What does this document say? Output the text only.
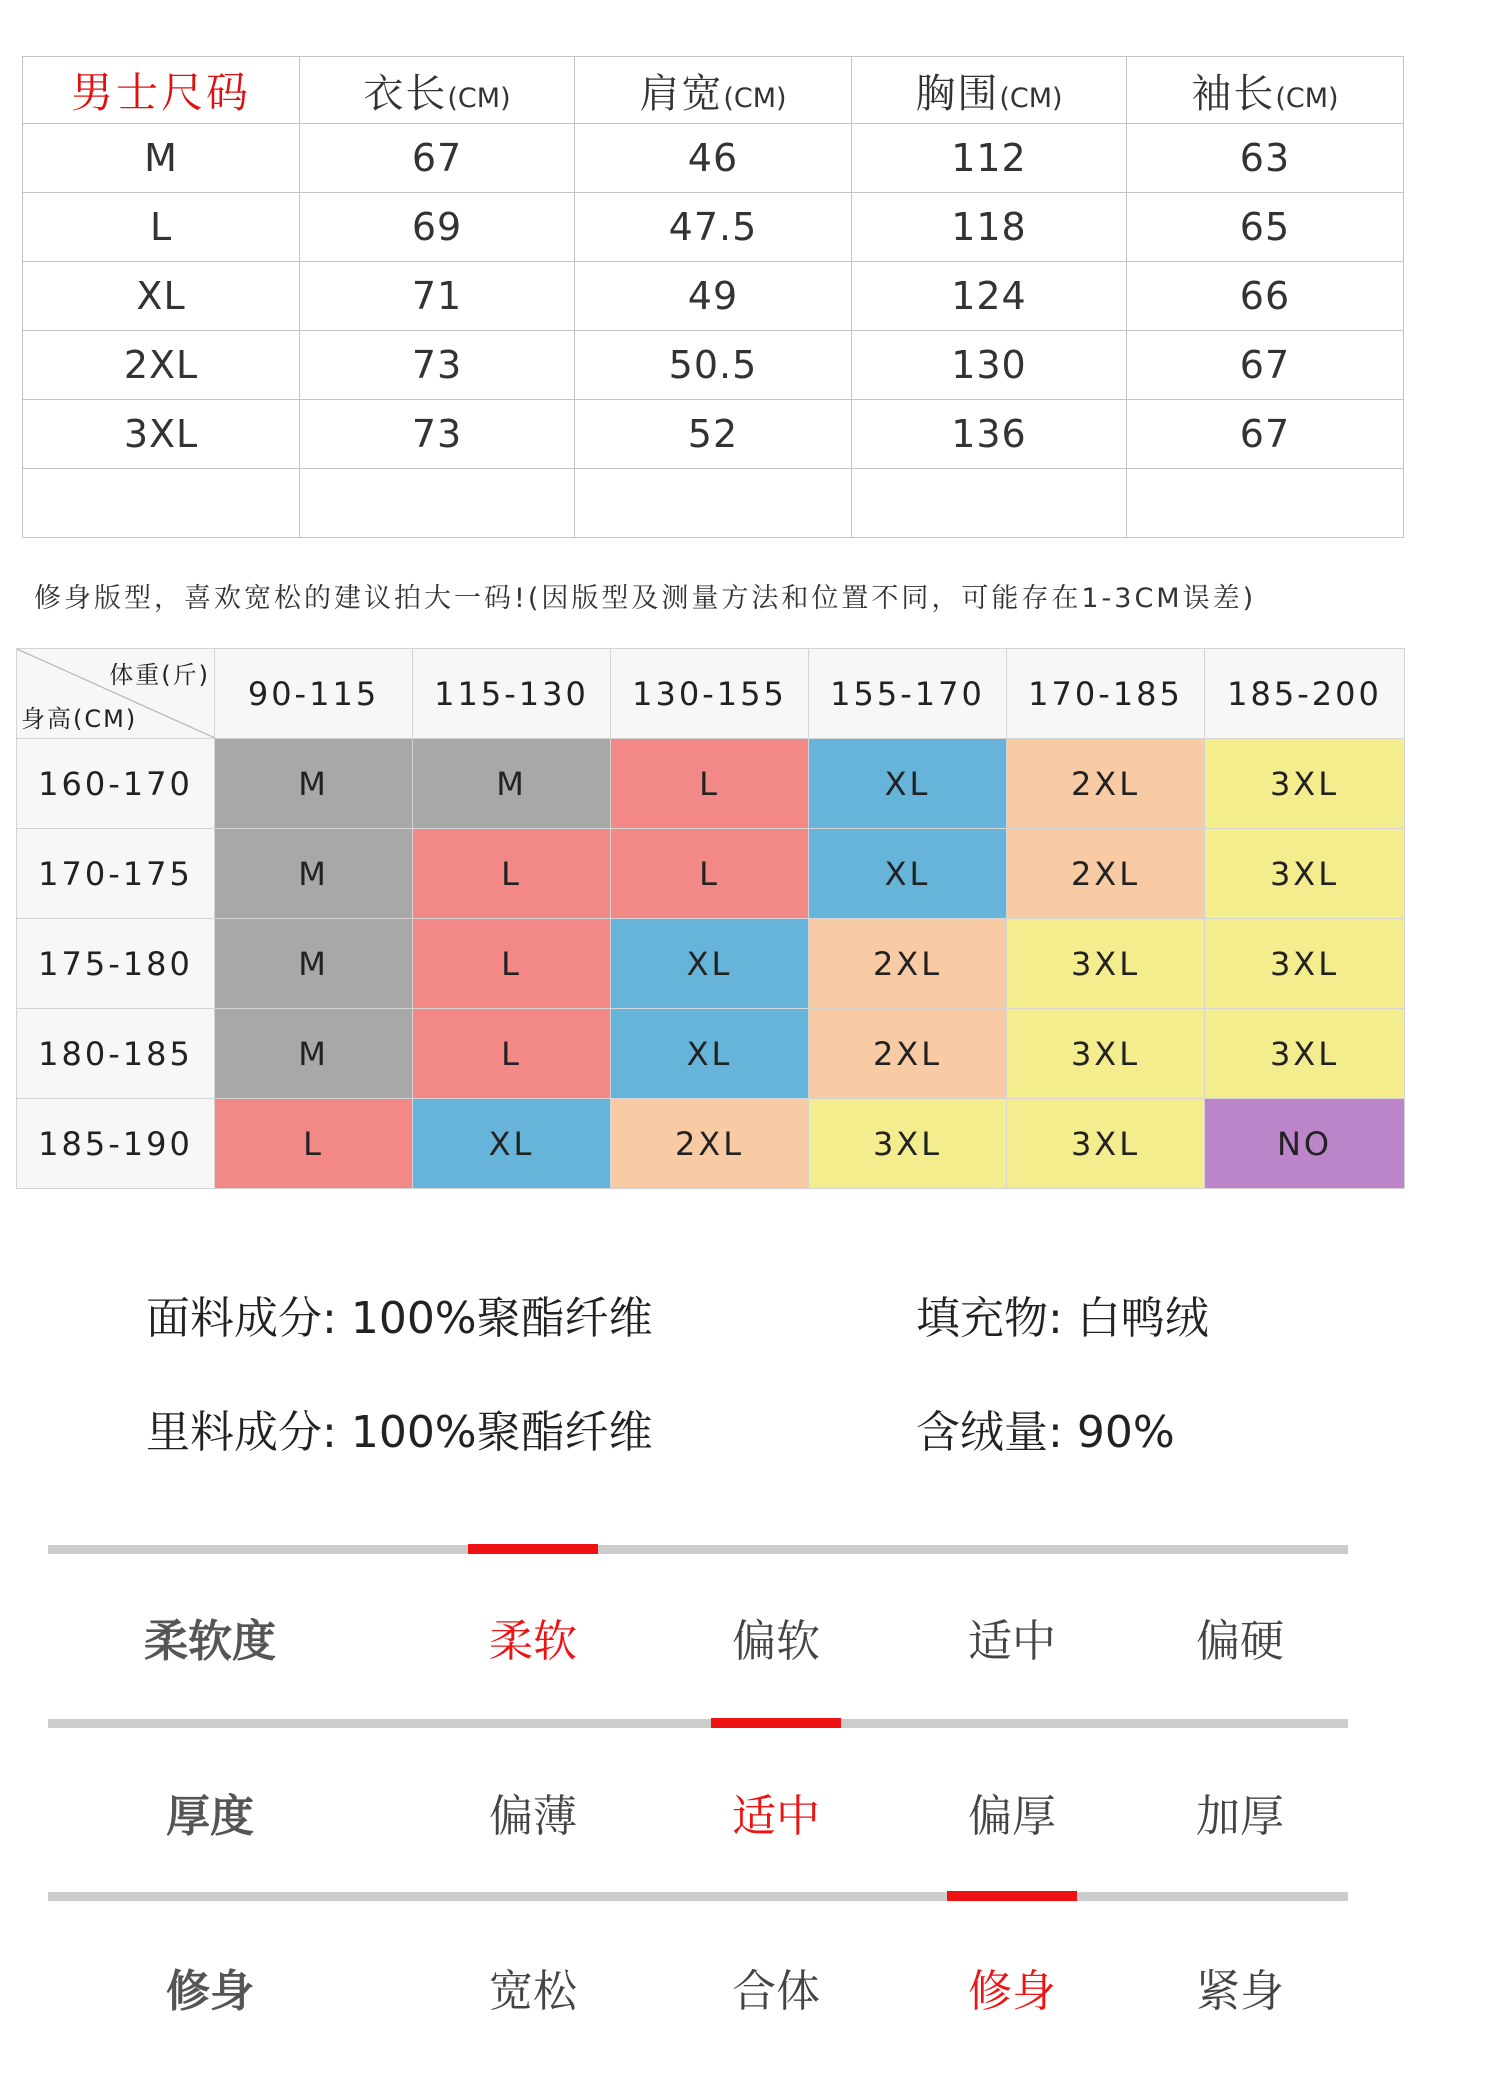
男士尺码	衣长(CM)	肩宽(CM)	胸围(CM)	袖长(CM)
M	67	46	112	63
L	69	47.5	118	65
XL	71	49	124	66
2XL	73	50.5	130	67
3XL	73	52	136	67

修身版型，喜欢宽松的建议拍大一码!(因版型及测量方法和位置不同，可能存在1-3CM误差)
体重(斤)
身高(CM)	90-115	115-130	130-155	155-170	170-185	185-200
160-170	M	M	L	XL	2XL	3XL
170-175	M	L	L	XL	2XL	3XL
175-180	M	L	XL	2XL	3XL	3XL
180-185	M	L	XL	2XL	3XL	3XL
185-190	L	XL	2XL	3XL	3XL	NO
面料成分: 100%聚酯纤维	填充物: 白鸭绒
里料成分: 100%聚酯纤维	含绒量: 90%
柔软度	柔软	偏软	适中	偏硬
厚度	偏薄	适中	偏厚	加厚
修身	宽松	合体	修身	紧身
